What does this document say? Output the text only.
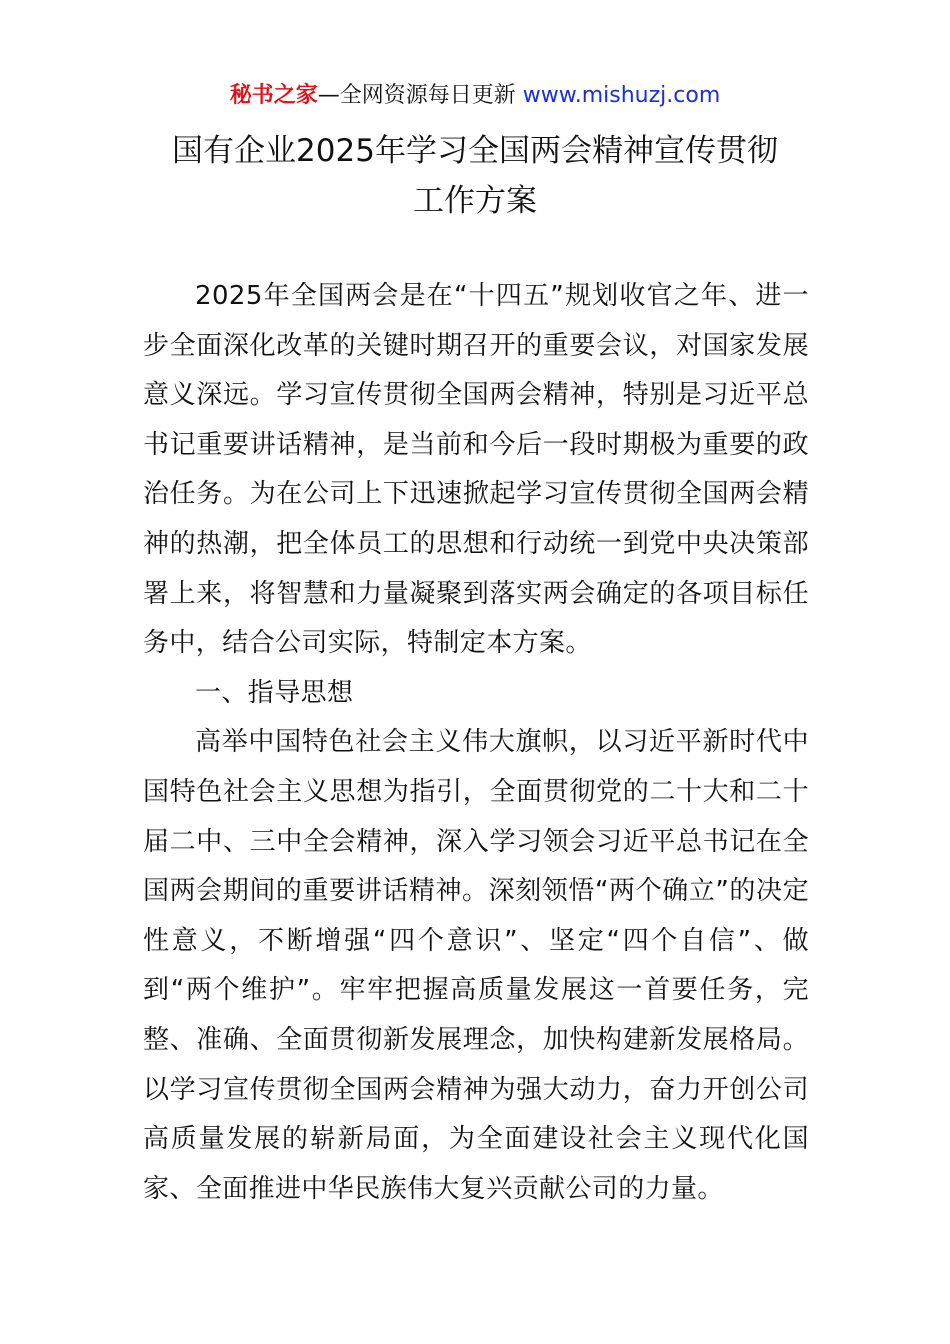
秘书之家—全网资源每日更新 www.mishuzj.com
国有企业2025年学习全国两会精神宣传贯彻
工作方案

2025年全国两会是在“十四五”规划收官之年、进一步全面深化改革的关键时期召开的重要会议，对国家发展意义深远。学习宣传贯彻全国两会精神，特别是习近平总书记重要讲话精神，是当前和今后一段时期极为重要的政治任务。为在公司上下迅速掀起学习宣传贯彻全国两会精神的热潮，把全体员工的思想和行动统一到党中央决策部署上来，将智慧和力量凝聚到落实两会确定的各项目标任务中，结合公司实际，特制定本方案。

一、指导思想

高举中国特色社会主义伟大旗帜，以习近平新时代中国特色社会主义思想为指引，全面贯彻党的二十大和二十届二中、三中全会精神，深入学习领会习近平总书记在全国两会期间的重要讲话精神。深刻领悟“两个确立”的决定性意义，不断增强“四个意识”、坚定“四个自信”、做到“两个维护”。牢牢把握高质量发展这一首要任务，完整、准确、全面贯彻新发展理念，加快构建新发展格局。以学习宣传贯彻全国两会精神为强大动力，奋力开创公司高质量发展的崭新局面，为全面建设社会主义现代化国家、全面推进中华民族伟大复兴贡献公司的力量。
